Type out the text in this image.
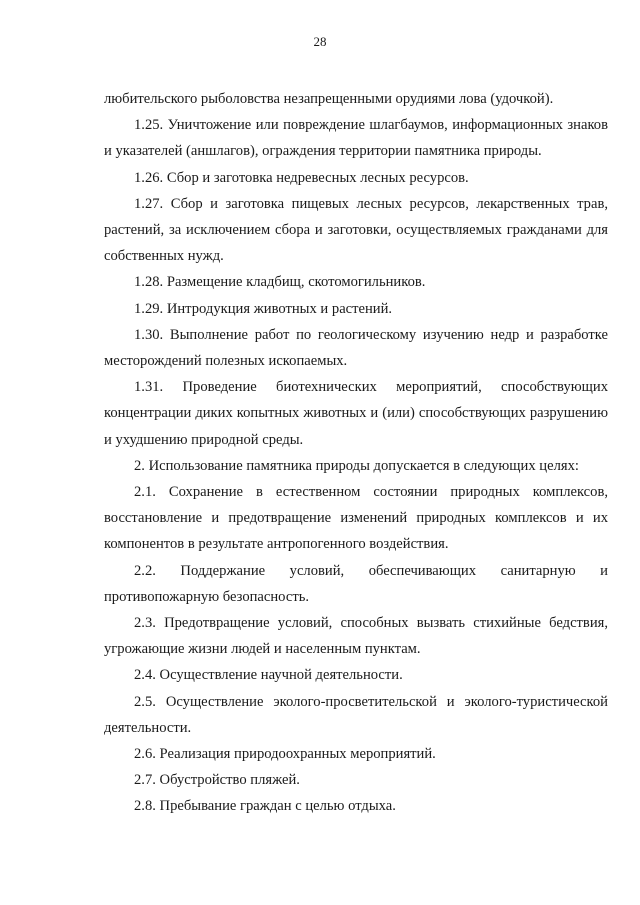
28

любительского рыболовства незапрещенными орудиями лова (удочкой).

1.25. Уничтожение или повреждение шлагбаумов, информационных знаков и указателей (аншлагов), ограждения территории памятника природы.

1.26. Сбор и заготовка недревесных лесных ресурсов.

1.27. Сбор и заготовка пищевых лесных ресурсов, лекарственных трав, растений, за исключением сбора и заготовки, осуществляемых гражданами для собственных нужд.

1.28. Размещение кладбищ, скотомогильников.

1.29. Интродукция животных и растений.

1.30. Выполнение работ по геологическому изучению недр и разработке месторождений полезных ископаемых.

1.31. Проведение биотехнических мероприятий, способствующих концентрации диких копытных животных и (или) способствующих разрушению и ухудшению природной среды.

2. Использование памятника природы допускается в следующих целях:

2.1. Сохранение в естественном состоянии природных комплексов, восстановление и предотвращение изменений природных комплексов и их компонентов в результате антропогенного воздействия.

2.2. Поддержание условий, обеспечивающих санитарную и противопожарную безопасность.

2.3. Предотвращение условий, способных вызвать стихийные бедствия, угрожающие жизни людей и населенным пунктам.

2.4. Осуществление научной деятельности.

2.5. Осуществление эколого-просветительской и эколого-туристической деятельности.

2.6. Реализация природоохранных мероприятий.

2.7. Обустройство пляжей.

2.8. Пребывание граждан с целью отдыха.
